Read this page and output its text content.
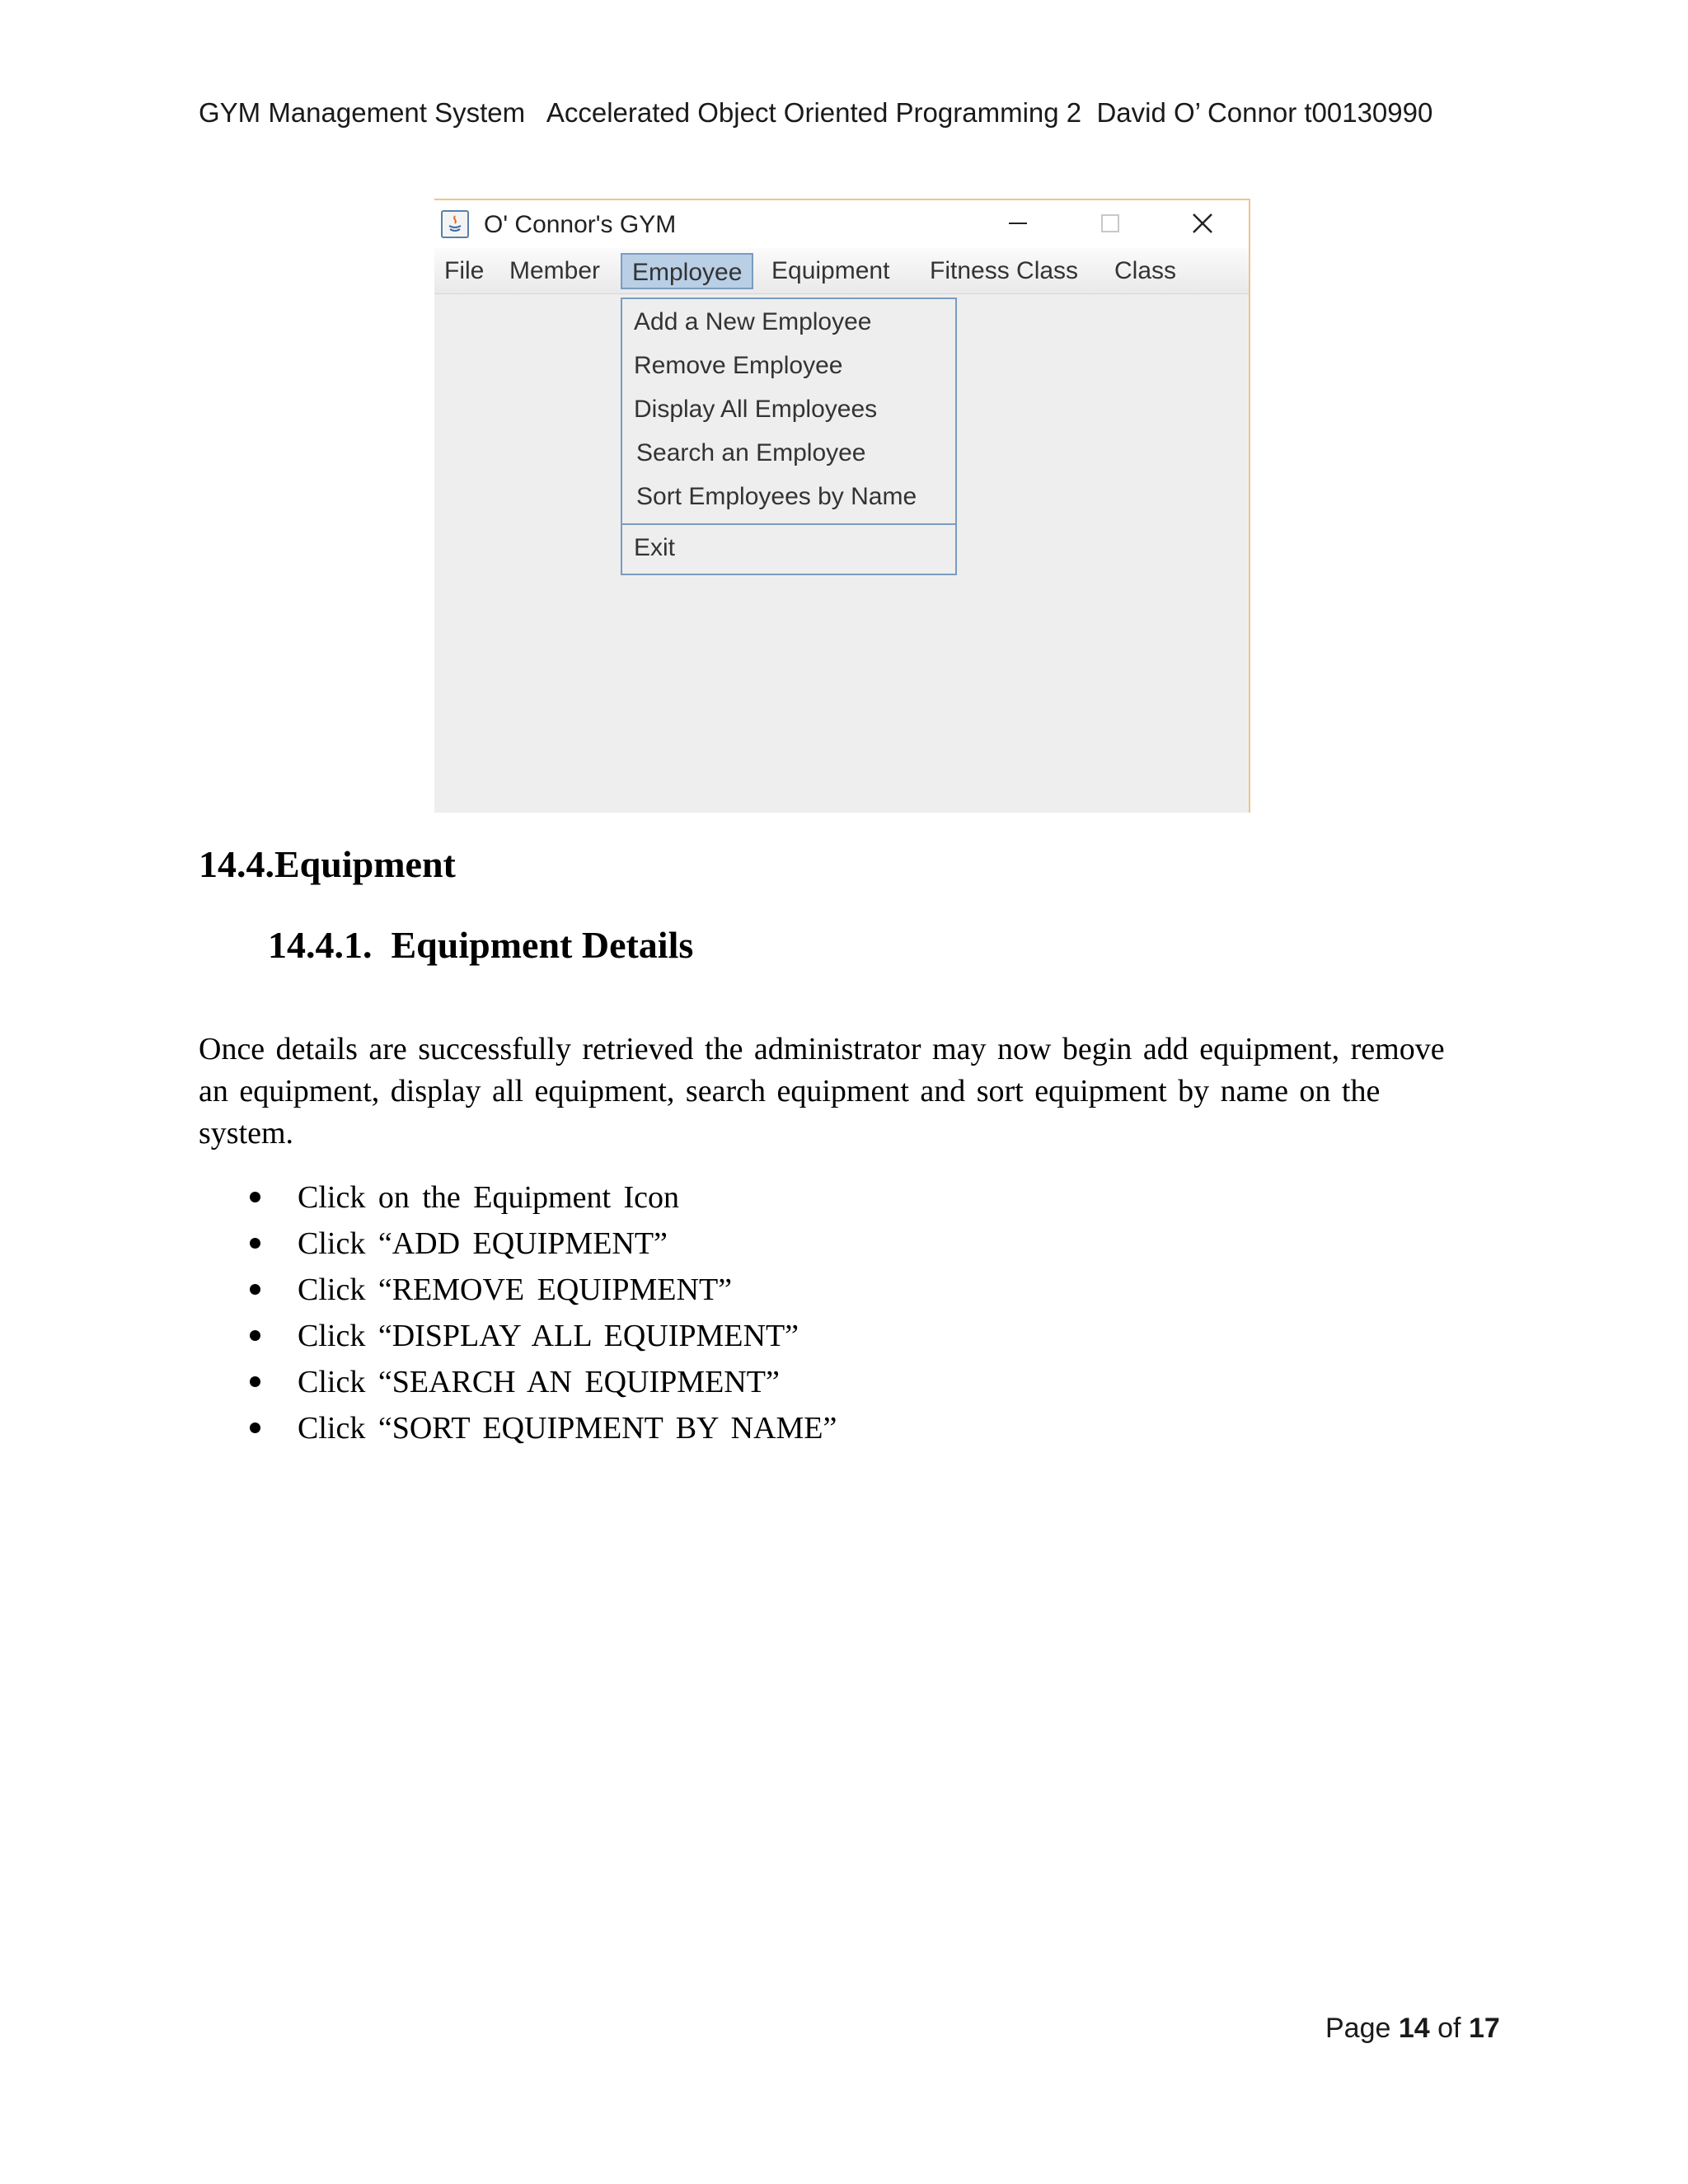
GYM Management System   Accelerated Object Oriented Programming 2  David O’ Connor t00130990
O' Connor's GYM
File	Member	Employee	Equipment	Fitness Class	Class
Add a New Employee
Remove Employee
Display All Employees
Search an Employee
Sort Employees by Name
Exit
14.4.Equipment
14.4.1. Equipment Details
Once details are successfully retrieved the administrator may now begin add equipment, remove an equipment, display all equipment, search equipment and sort equipment by name on the system.
Click on the Equipment Icon
Click “ADD EQUIPMENT”
Click “REMOVE EQUIPMENT”
Click “DISPLAY ALL EQUIPMENT”
Click “SEARCH AN EQUIPMENT”
Click “SORT EQUIPMENT BY NAME”
Page 14 of 17
